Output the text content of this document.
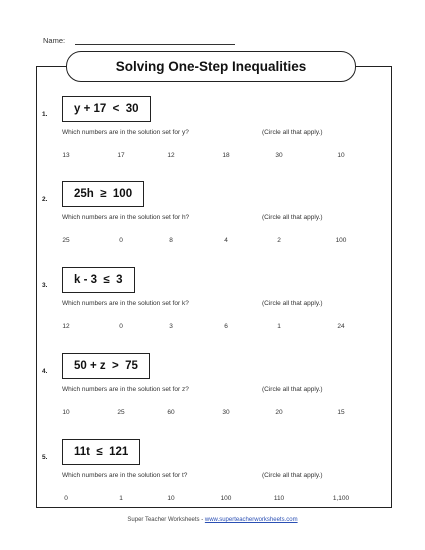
Name:
Solving One-Step Inequalities
1.	y + 17  <  30
Which numbers are in the solution set for y?	(Circle all that apply.)
13	17	12	18	30	10
2.	25h  ≥  100
Which numbers are in the solution set for h?	(Circle all that apply.)
25	0	8	4	2	100
3.	k - 3  ≤  3
Which numbers are in the solution set for k?	(Circle all that apply.)
12	0	3	6	1	24
4.	50 + z  >  75
Which numbers are in the solution set for z?	(Circle all that apply.)
10	25	60	30	20	15
5.	11t  ≤  121
Which numbers are in the solution set for t?	(Circle all that apply.)
0	1	10	100	110	1,100
Super Teacher Worksheets - www.superteacherworksheets.com
